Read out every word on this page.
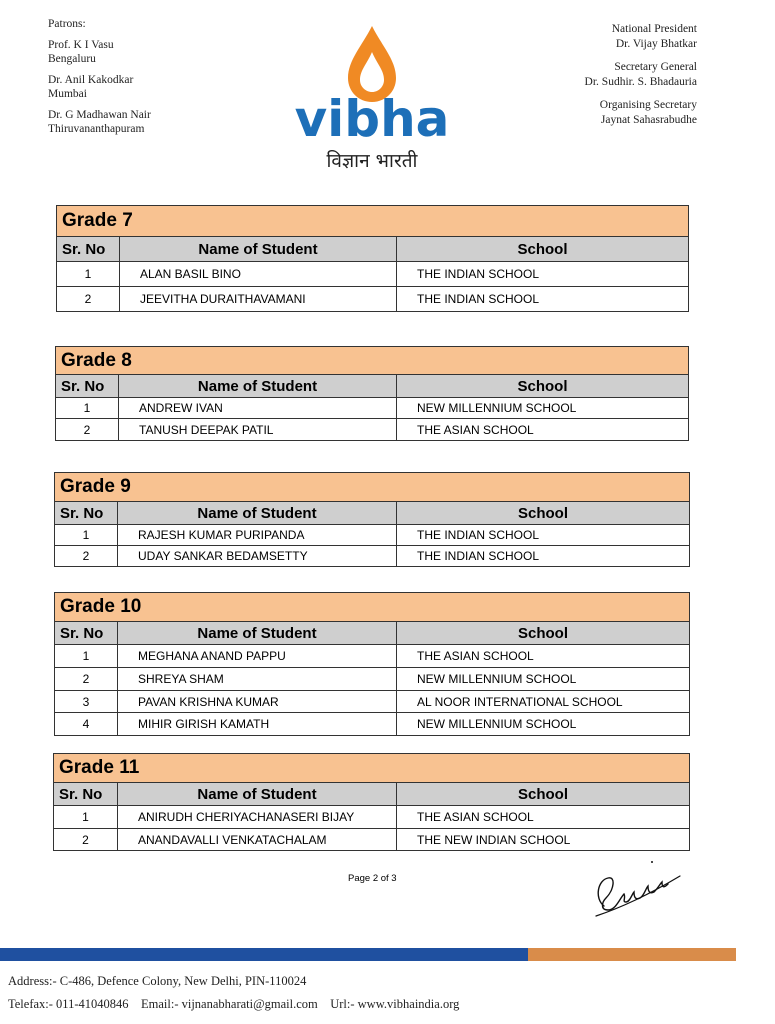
Patrons:
Prof. K I Vasu
Bengaluru
Dr. Anil Kakodkar
Mumbai
Dr. G Madhawan Nair
Thiruvananthapuram	vibha
विज्ञान भारती
National President
Dr. Vijay Bhatkar
Secretary General
Dr. Sudhir. S. Bhadauria
Organising Secretary
Jaynat Sahasrabudhe
Grade 7		
Sr. No	Name of Student	School
1	ALAN BASIL BINO	THE INDIAN SCHOOL
2	JEEVITHA DURAITHAVAMANI	THE INDIAN SCHOOL
Grade 8		
Sr. No	Name of Student	School
1	ANDREW IVAN	NEW MILLENNIUM SCHOOL
2	TANUSH DEEPAK PATIL	THE ASIAN SCHOOL
Grade 9		
Sr. No	Name of Student	School
1	RAJESH KUMAR PURIPANDA	THE INDIAN SCHOOL
2	UDAY SANKAR BEDAMSETTY	THE INDIAN SCHOOL
Grade 10		
Sr. No	Name of Student	School
1	MEGHANA ANAND PAPPU	THE ASIAN SCHOOL
2	SHREYA SHAM	NEW MILLENNIUM SCHOOL
3	PAVAN KRISHNA KUMAR	AL NOOR INTERNATIONAL SCHOOL
4	MIHIR GIRISH KAMATH	NEW MILLENNIUM SCHOOL
Grade 11		
Sr. No	Name of Student	School
1	ANIRUDH CHERIYACHANASERI BIJAY	THE ASIAN SCHOOL
2	ANANDAVALLI VENKATACHALAM	THE NEW INDIAN SCHOOL
Page 2 of 3
Address:- C-486, Defence Colony, New Delhi, PIN-110024
Telefax:- 011-41040846    Email:- vijnanabharati@gmail.com    Url:- www.vibhaindia.org
